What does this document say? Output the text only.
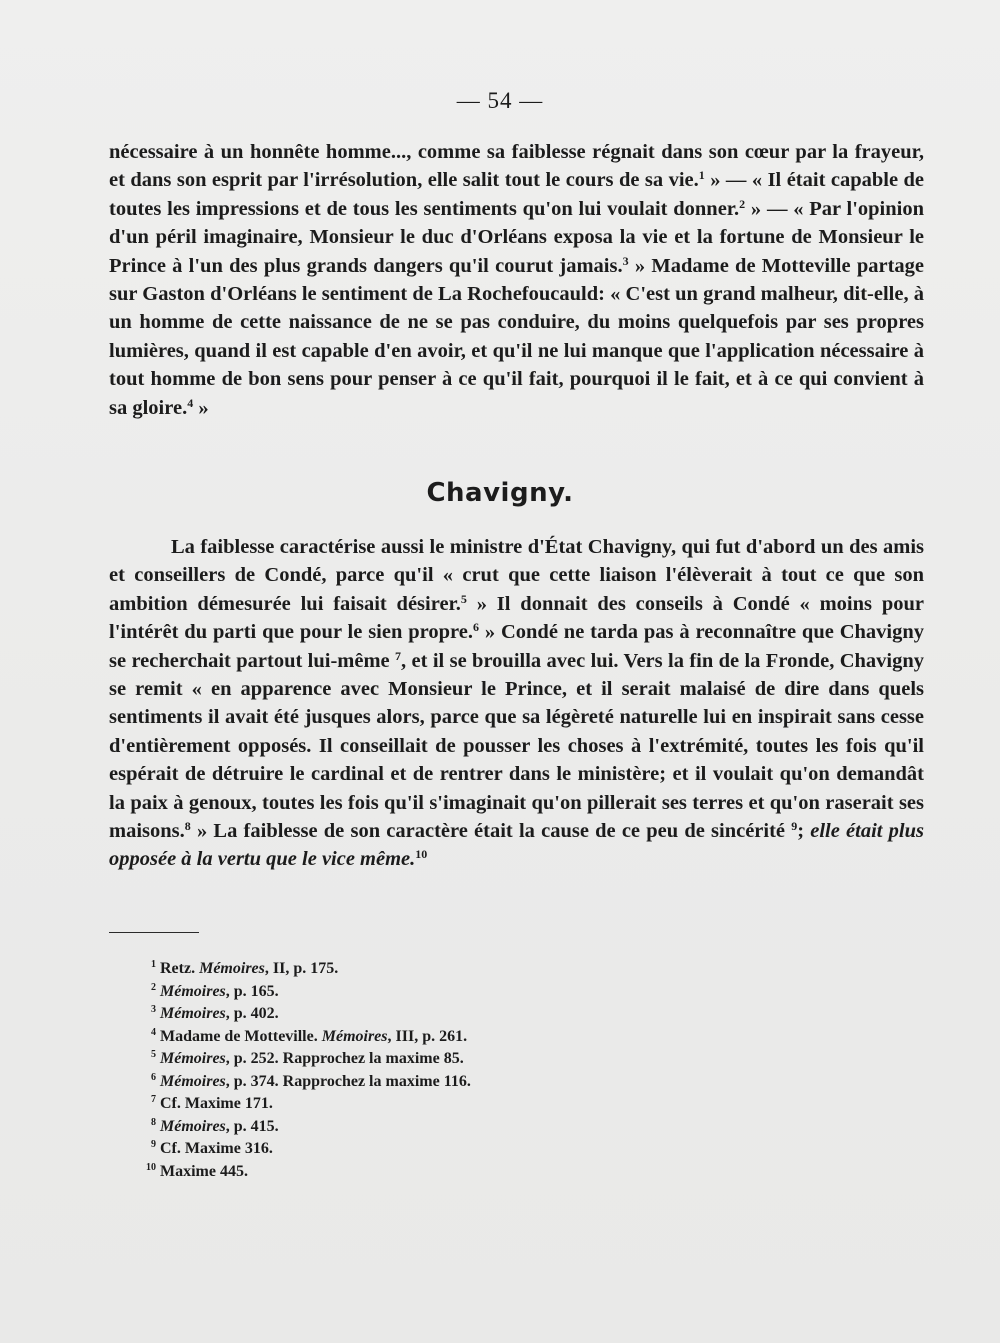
— 54 —

nécessaire à un honnête homme..., comme sa faiblesse régnait dans son cœur par la frayeur, et dans son esprit par l'irrésolution, elle salit tout le cours de sa vie.$^1$ » — « Il était capable de toutes les impressions et de tous les sentiments qu'on lui voulait donner.$^2$ » — « Par l'opinion d'un péril imaginaire, Monsieur le duc d'Orléans exposa la vie et la fortune de Monsieur le Prince à l'un des plus grands dangers qu'il courut jamais.$^3$ » Madame de Motteville partage sur Gaston d'Orléans le sentiment de La Rochefoucauld: « C'est un grand malheur, dit-elle, à un homme de cette naissance de ne se pas conduire, du moins quelquefois par ses propres lumières, quand il est capable d'en avoir, et qu'il ne lui manque que l'application nécessaire à tout homme de bon sens pour penser à ce qu'il fait, pourquoi il le fait, et à ce qui convient à sa gloire.$^4$ »

Chavigny.

La faiblesse caractérise aussi le ministre d'État Chavigny, qui fut d'abord un des amis et conseillers de Condé, parce qu'il « crut que cette liaison l'élèverait à tout ce que son ambition démesurée lui faisait désirer.$^5$ » Il donnait des conseils à Condé « moins pour l'intérêt du parti que pour le sien propre.$^6$ » Condé ne tarda pas à reconnaître que Chavigny se recherchait partout lui-même $^7$, et il se brouilla avec lui. Vers la fin de la Fronde, Chavigny se remit « en apparence avec Monsieur le Prince, et il serait malaisé de dire dans quels sentiments il avait été jusques alors, parce que sa légèreté naturelle lui en inspirait sans cesse d'entièrement opposés. Il conseillait de pousser les choses à l'extrémité, toutes les fois qu'il espérait de détruire le cardinal et de rentrer dans le ministère; et il voulait qu'on demandât la paix à genoux, toutes les fois qu'il s'imaginait qu'on pillerait ses terres et qu'on raserait ses maisons.$^8$ » La faiblesse de son caractère était la cause de ce peu de sincérité $^9$; elle était plus opposée à la vertu que le vice même.$^{10}$

1 Retz. Mémoires, II, p. 175.
2 Mémoires, p. 165.
3 Mémoires, p. 402.
4 Madame de Motteville. Mémoires, III, p. 261.
5 Mémoires, p. 252. Rapprochez la maxime 85.
6 Mémoires, p. 374. Rapprochez la maxime 116.
7 Cf. Maxime 171.
8 Mémoires, p. 415.
9 Cf. Maxime 316.
10 Maxime 445.
